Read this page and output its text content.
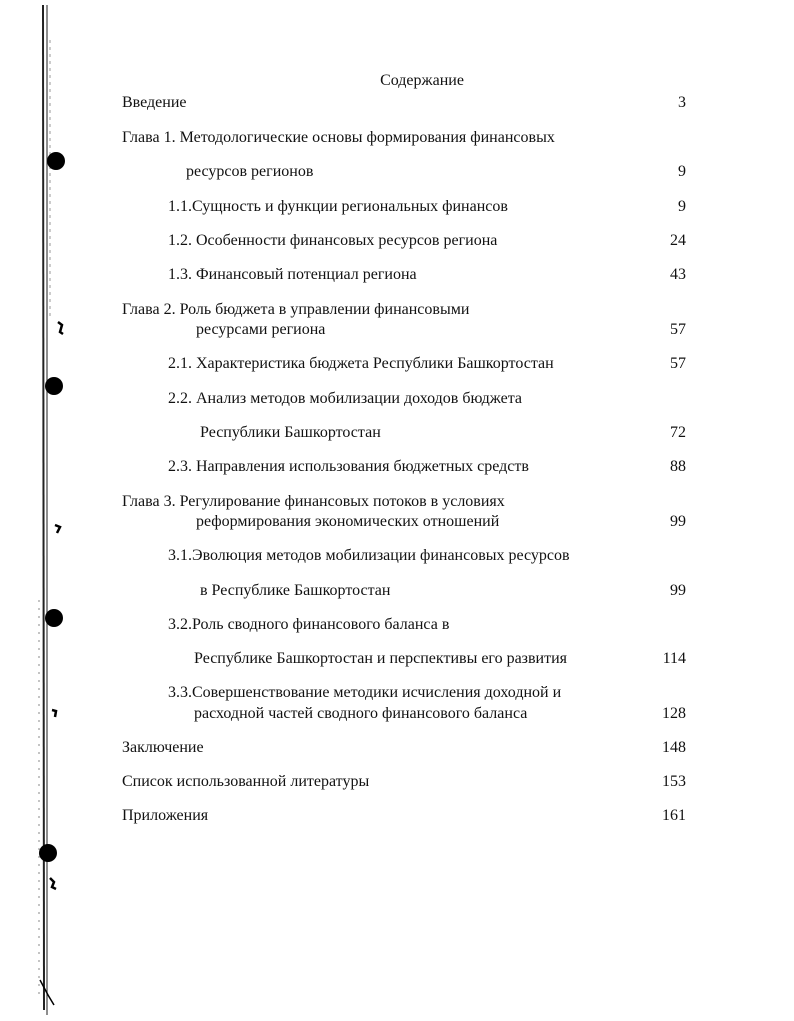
Содержание
Введение	3
Глава 1. Методологические основы формирования финансовых
ресурсов регионов	9
1.1.Сущность и функции региональных финансов	9
1.2. Особенности финансовых ресурсов региона	24
1.3. Финансовый потенциал региона	43
Глава 2. Роль бюджета в управлении финансовыми
ресурсами региона	57
2.1. Характеристика бюджета Республики Башкортостан	57
2.2. Анализ методов мобилизации доходов бюджета
Республики Башкортостан	72
2.3. Направления использования бюджетных средств	88
Глава 3. Регулирование финансовых потоков в условиях
реформирования экономических отношений	99
3.1.Эволюция методов мобилизации финансовых ресурсов
в Республике Башкортостан	99
3.2.Роль сводного финансового баланса в
Республике Башкортостан и перспективы его развития	114
3.3.Совершенствование методики исчисления доходной и
расходной частей сводного финансового баланса	128
Заключение	148
Список использованной литературы	153
Приложения	161
